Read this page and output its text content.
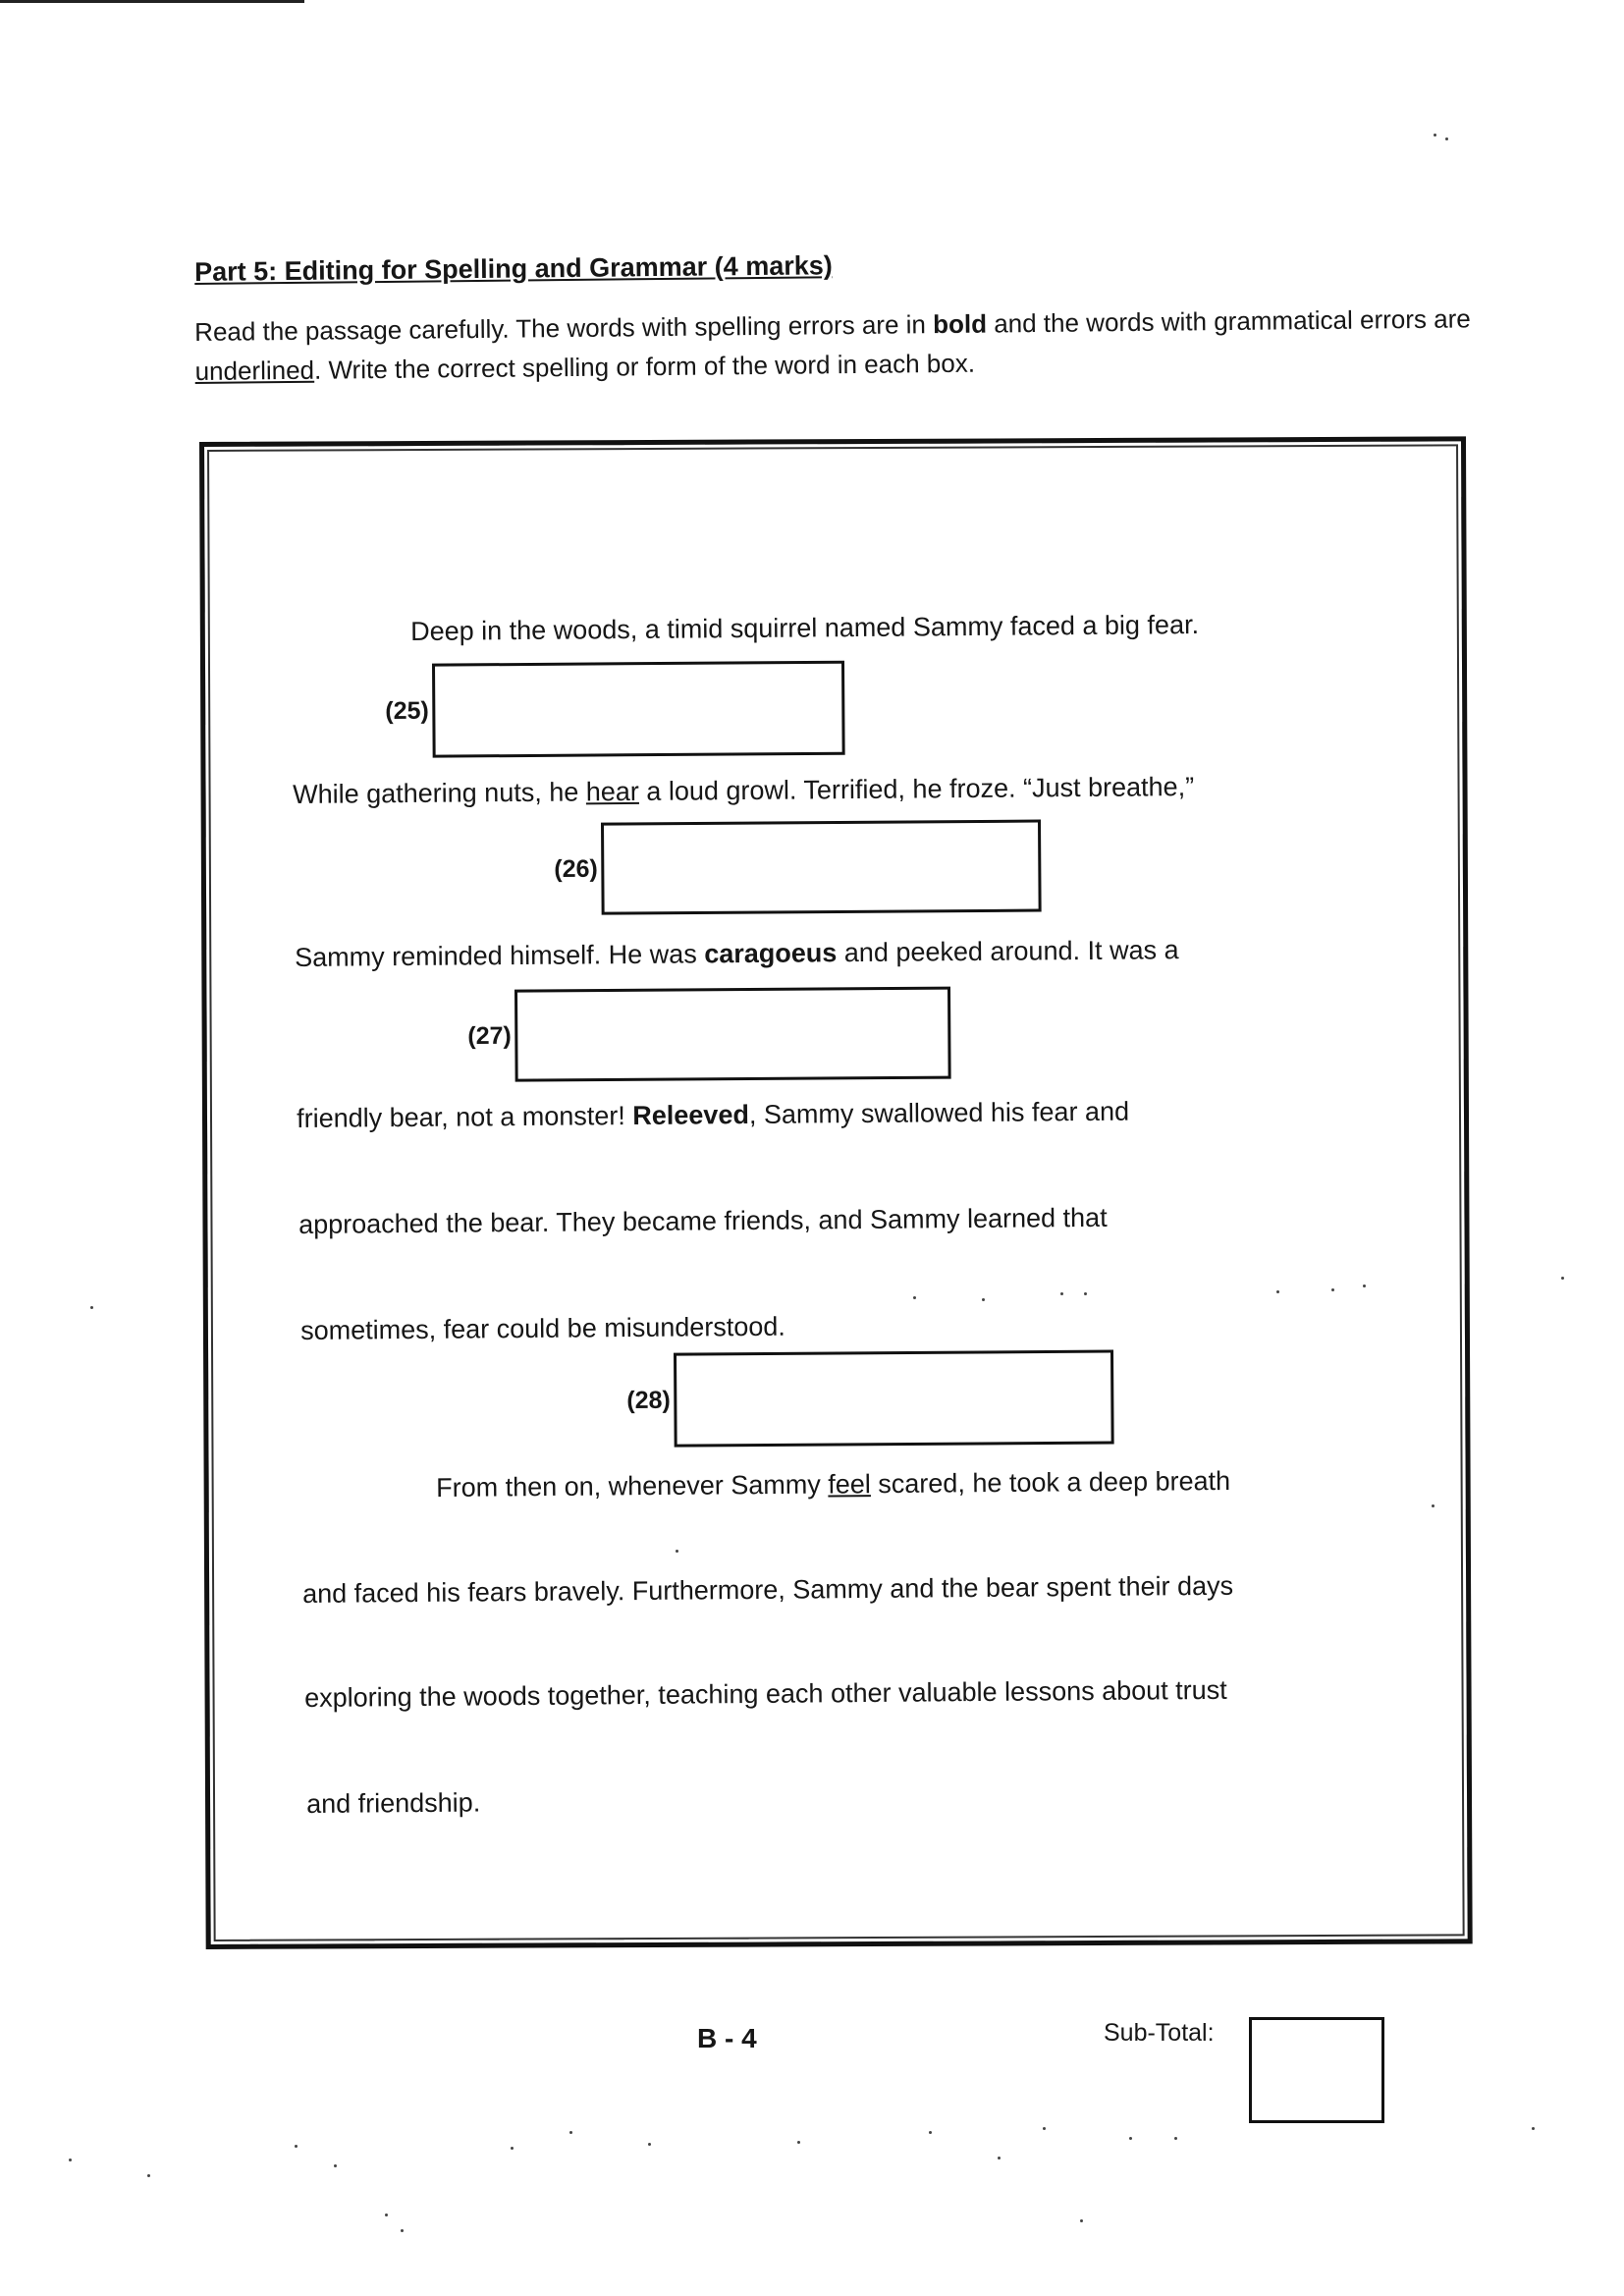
Part 5: Editing for Spelling and Grammar (4 marks)
Read the passage carefully. The words with spelling errors are in bold and the words with grammatical errors are underlined. Write the correct spelling or form of the word in each box.
Deep in the woods, a timid squirrel named Sammy faced a big fear.
(25)
While gathering nuts, he hear a loud growl. Terrified, he froze. “Just breathe,”
(26)
Sammy reminded himself. He was caragoeus and peeked around. It was a
(27)
friendly bear, not a monster! Releeved, Sammy swallowed his fear and
approached the bear. They became friends, and Sammy learned that
sometimes, fear could be misunderstood.
(28)
From then on, whenever Sammy feel scared, he took a deep breath
and faced his fears bravely. Furthermore, Sammy and the bear spent their days
exploring the woods together, teaching each other valuable lessons about trust
and friendship.
B - 4	Sub-Total:
